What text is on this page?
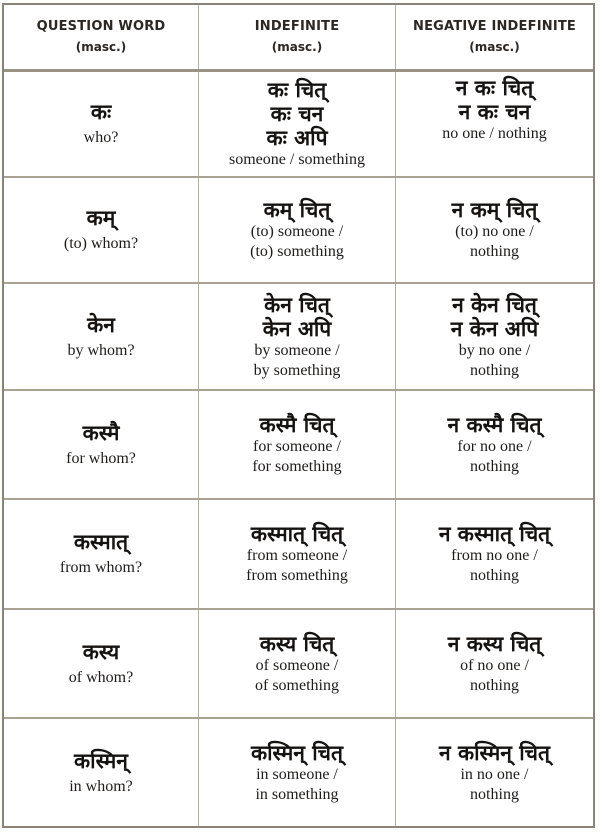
QUESTION WORD
(masc.)
INDEFINITE
(masc.)
NEGATIVE INDEFINITE
(masc.)
कः
who?
कः चित्
कः चन
कः अपि
someone / something
न कः चित्
न कः चन
no one / nothing
कम्
(to) whom?
कम् चित्
(to) someone /
(to) something
न कम् चित्
(to) no one /
nothing
केन
by whom?
केन चित्
केन अपि
by someone /
by something
न केन चित्
न केन अपि
by no one /
nothing
कस्मै
for whom?
कस्मै चित्
for someone /
for something
न कस्मै चित्
for no one /
nothing
कस्मात्
from whom?
कस्मात् चित्
from someone /
from something
न कस्मात् चित्
from no one /
nothing
कस्य
of whom?
कस्य चित्
of someone /
of something
न कस्य चित्
of no one /
nothing
कस्मिन्
in whom?
कस्मिन् चित्
in someone /
in something
न कस्मिन् चित्
in no one /
nothing
